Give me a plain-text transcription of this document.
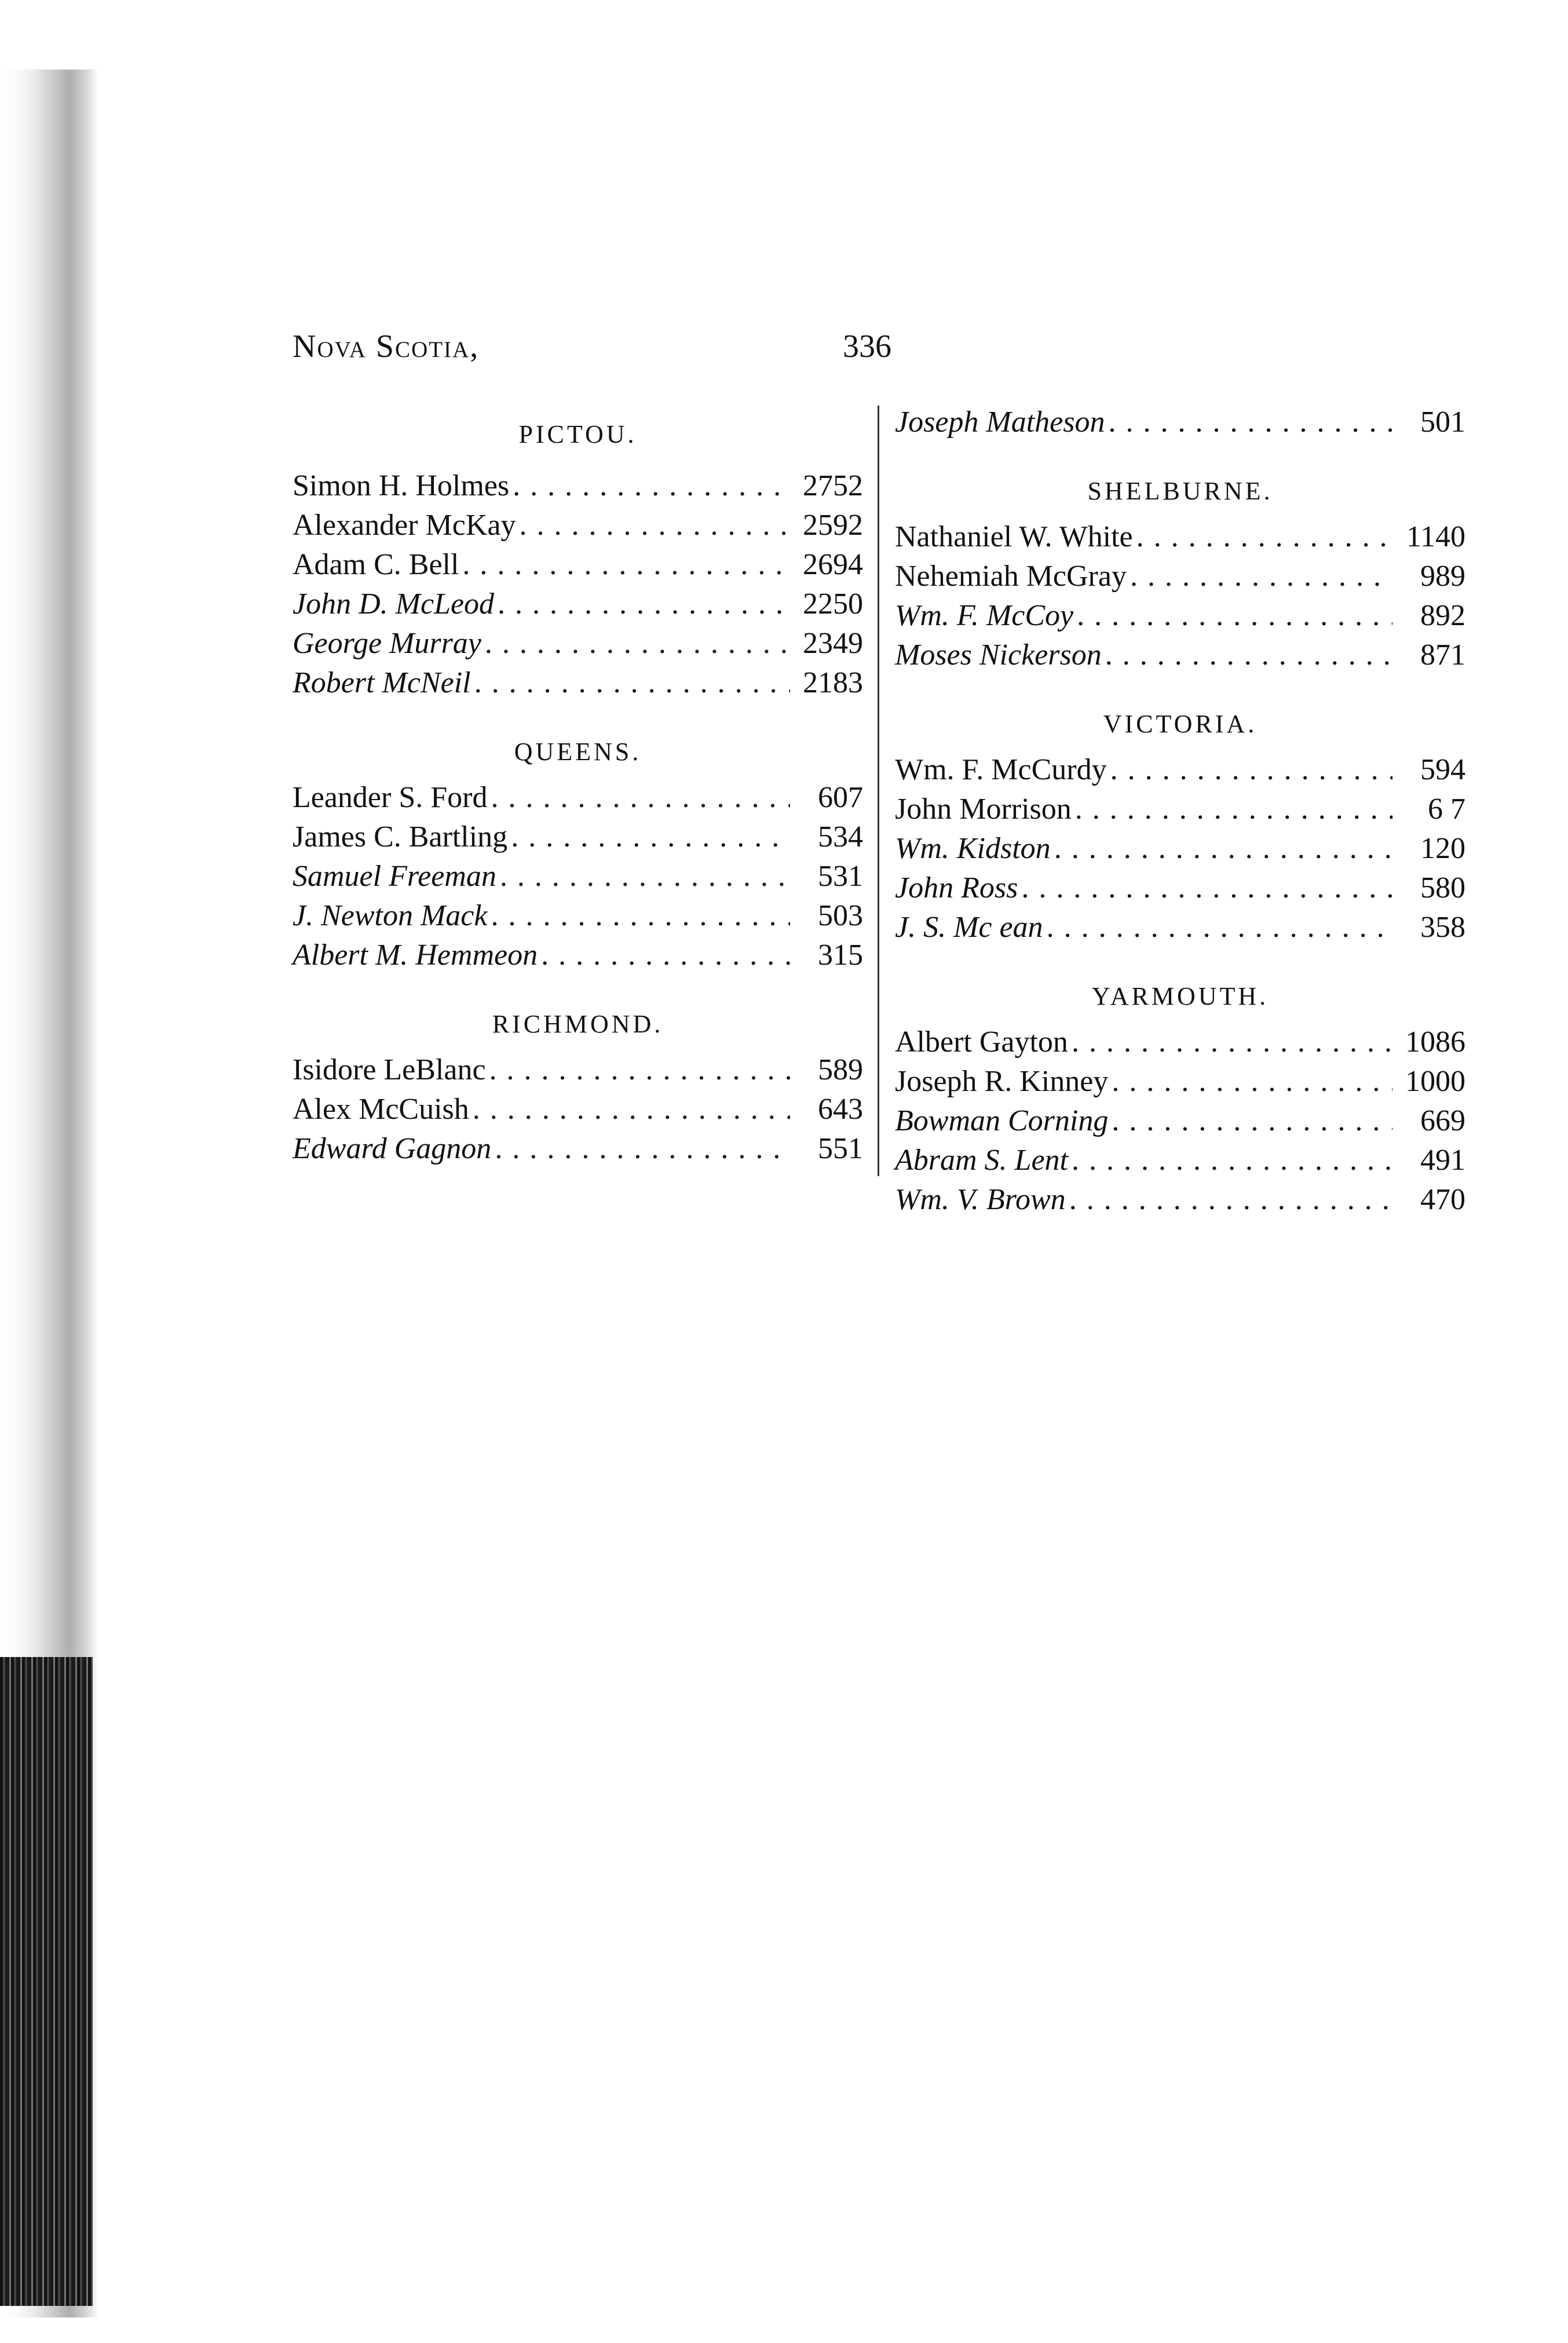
Nova Scotia,	336
PICTOU.
Simon H. Holmes . . .	2752
Alexander McKay . . .	2592
Adam C. Bell . . .	2694
John D. McLeod . . .	2250
George Murray . . .	2349
Robert McNeil . . .	2183
QUEENS.
Leander S. Ford . . .	607
James C. Bartling . . .	534
Samuel Freeman . . .	531
J. Newton Mack . . .	503
Albert M. Hemmeon . . .	315
RICHMOND.
Isidore LeBlanc . . .	589
Alex McCuish . . .	643
Edward Gagnon . . .	551
Joseph Matheson . . .	501
SHELBURNE.
Nathaniel W. White . . .	1140
Nehemiah McGray . . .	989
Wm. F. McCoy . . .	892
Moses Nickerson . . .	871
VICTORIA.
Wm. F. McCurdy . . .	594
John Morrison . . .	6 7
Wm. Kidston . . .	120
John Ross . . .	580
J. S. Mc ean . . .	358
YARMOUTH.
Albert Gayton . . .	1086
Joseph R. Kinney . . .	1000
Bowman Corning . . .	669
Abram S. Lent . . .	491
Wm. V. Brown . . .	470
